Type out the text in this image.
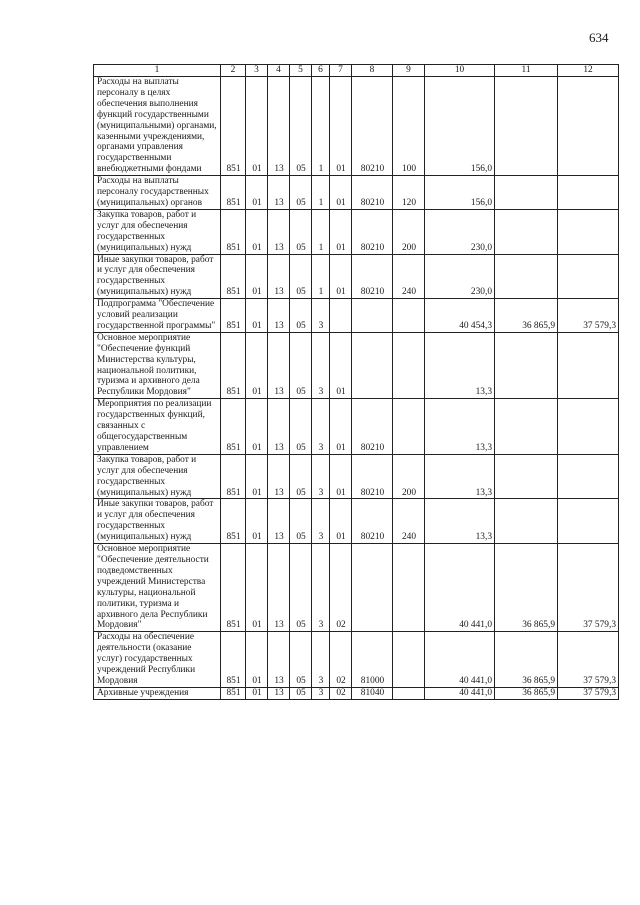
634
1	2	3	4	5	6	7	8	9	10	11	12
Расходы на выплаты персоналу в целях обеспечения выполнения функций государственными (муниципальными) органами, казенными учреждениями, органами управления государственными внебюджетными фондами	851	01	13	05	1	01	80210	100	156,0		
Расходы на выплаты персоналу государственных (муниципальных) органов	851	01	13	05	1	01	80210	120	156,0		
Закупка товаров, работ и услуг для обеспечения государственных (муниципальных) нужд	851	01	13	05	1	01	80210	200	230,0		
Иные закупки товаров, работ и услуг для обеспечения государственных (муниципальных) нужд	851	01	13	05	1	01	80210	240	230,0		
Подпрограмма "Обеспечение условий реализации государственной программы"	851	01	13	05	3				40 454,3	36 865,9	37 579,3
Основное мероприятие "Обеспечение функций Министерства культуры, национальной политики, туризма и архивного дела Республики Мордовия"	851	01	13	05	3	01			13,3		
Мероприятия по реализации государственных функций, связанных с общегосударственным управлением	851	01	13	05	3	01	80210		13,3		
Закупка товаров, работ и услуг для обеспечения государственных (муниципальных) нужд	851	01	13	05	3	01	80210	200	13,3		
Иные закупки товаров, работ и услуг для обеспечения государственных (муниципальных) нужд	851	01	13	05	3	01	80210	240	13,3		
Основное мероприятие "Обеспечение деятельности подведомственных учреждений Министерства культуры, национальной политики, туризма и архивного дела Республики Мордовия"	851	01	13	05	3	02			40 441,0	36 865,9	37 579,3
Расходы на обеспечение деятельности (оказание услуг) государственных учреждений Республики Мордовия	851	01	13	05	3	02	81000		40 441,0	36 865,9	37 579,3
Архивные учреждения	851	01	13	05	3	02	81040		40 441,0	36 865,9	37 579,3
